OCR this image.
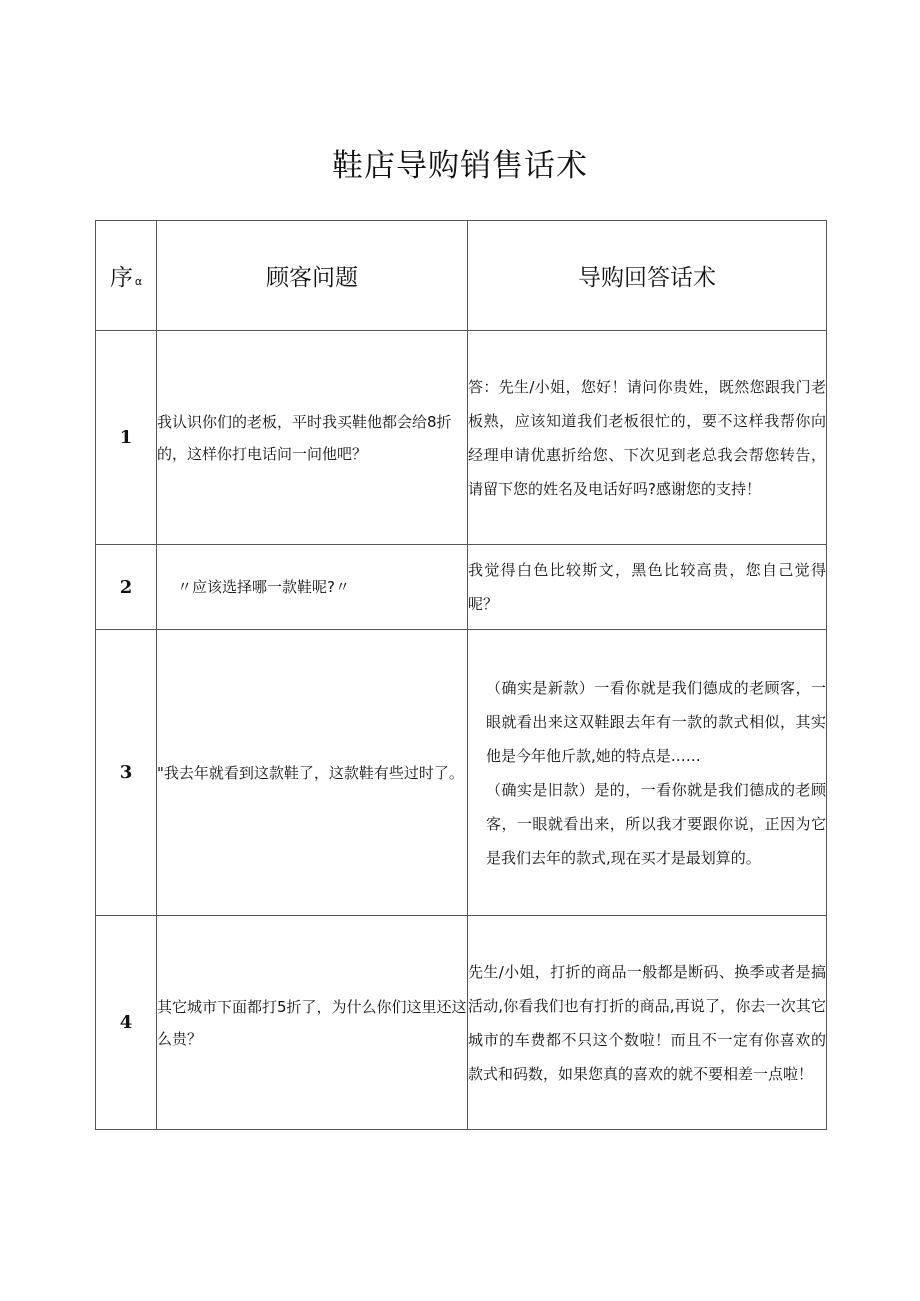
鞋店导购销售话术
序 α	顾客问题	导购回答话术
1	我认识你们的老板，平时我买鞋他都会给8折的，这样你打电话问一问他吧？	答：先生/小姐，您好！请问你贵姓，既然您跟我门老板熟，应该知道我们老板很忙的，要不这样我帮你向经理申请优惠折给您、下次见到老总我会帮您转告，请留下您的姓名及电话好吗?感谢您的支持！
2	〃应该选择哪一款鞋呢?〃	我觉得白色比较斯文，黑色比较高贵，您自己觉得呢？
3	"我去年就看到这款鞋了，这款鞋有些过时了。	（确实是新款）一看你就是我们德成的老顾客，一眼就看出来这双鞋跟去年有一款的款式相似，其实他是今年他斤款,她的特点是……
（确实是旧款）是的，一看你就是我们德成的老顾客，一眼就看出来，所以我才要跟你说，正因为它是我们去年的款式,现在买才是最划算的。

4	其它城市下面都打5折了，为什么你们这里还这么贵？	先生/小姐，打折的商品一般都是断码、换季或者是搞活动,你看我们也有打折的商品,再说了，你去一次其它城市的车费都不只这个数啦！而且不一定有你喜欢的款式和码数，如果您真的喜欢的就不要相差一点啦！
